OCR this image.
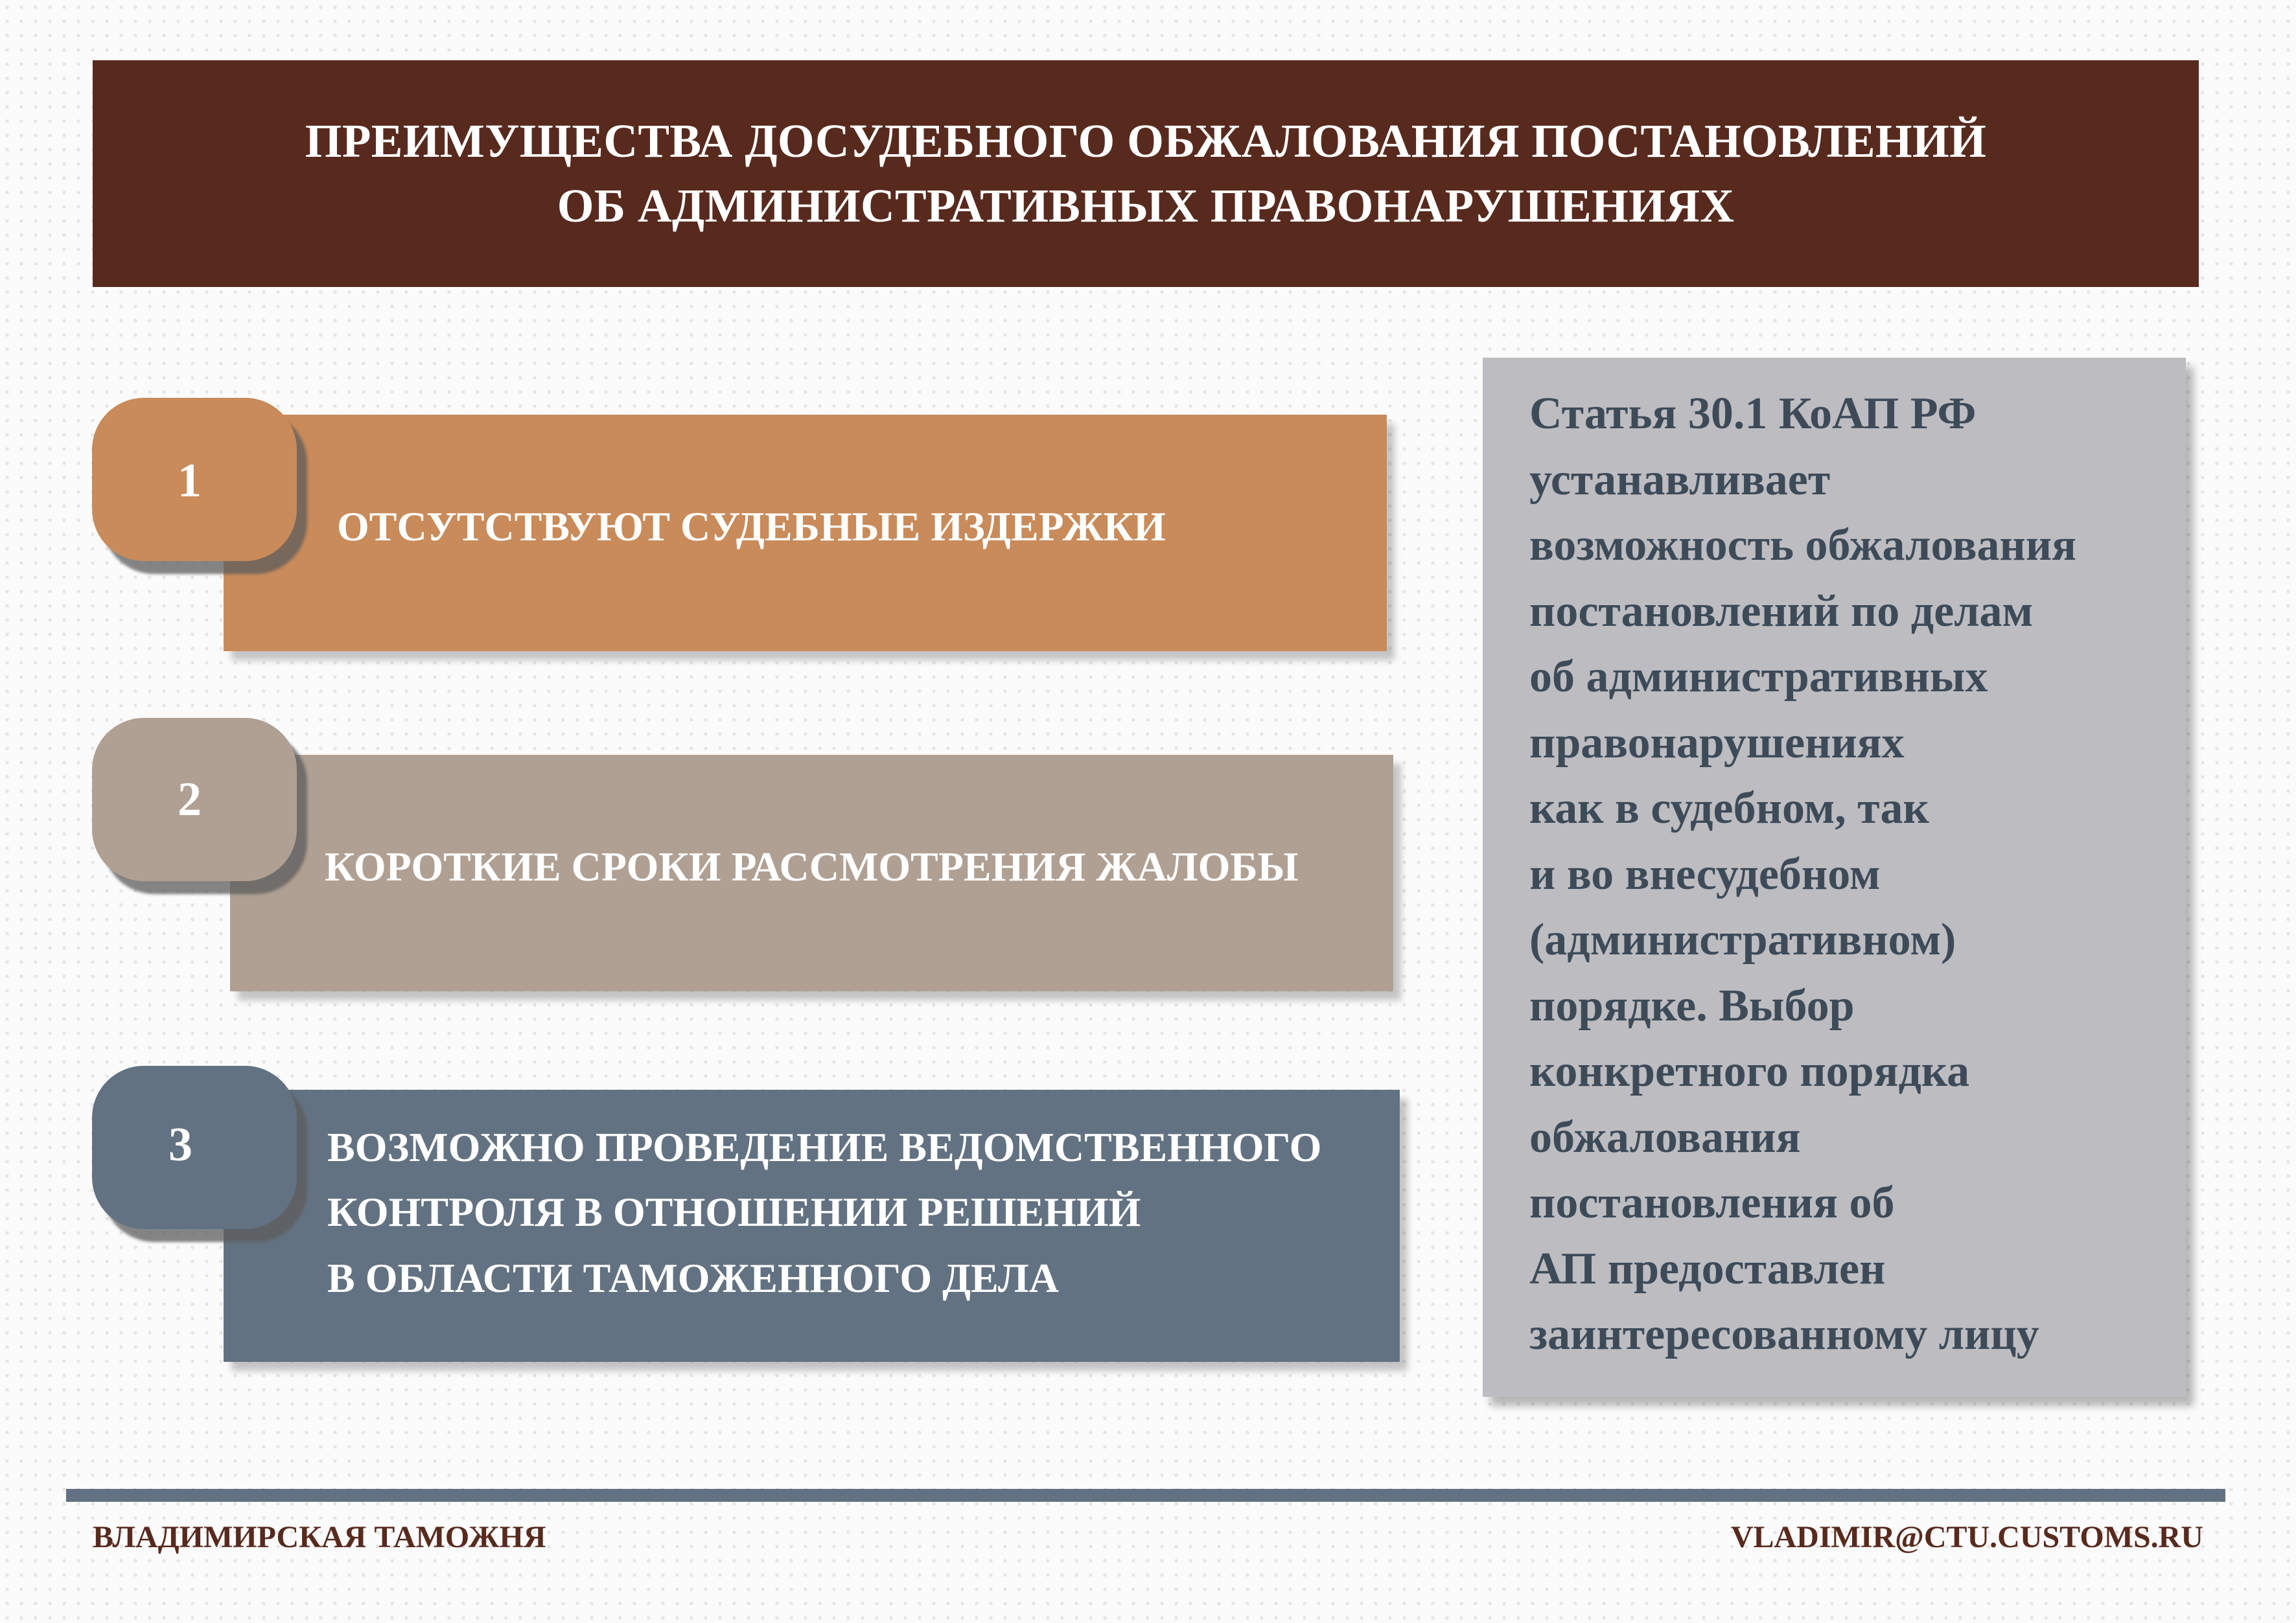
ПРЕИМУЩЕСТВА ДОСУДЕБНОГО ОБЖАЛОВАНИЯ ПОСТАНОВЛЕНИЙ
ОБ АДМИНИСТРАТИВНЫХ ПРАВОНАРУШЕНИЯХ
ОТСУТСТВУЮТ СУДЕБНЫЕ ИЗДЕРЖКИ
1
КОРОТКИЕ СРОКИ РАССМОТРЕНИЯ ЖАЛОБЫ
2
ВОЗМОЖНО ПРОВЕДЕНИЕ ВЕДОМСТВЕННОГО
КОНТРОЛЯ В ОТНОШЕНИИ РЕШЕНИЙ
В ОБЛАСТИ ТАМОЖЕННОГО ДЕЛА
3
Статья 30.1 КоАП РФ
устанавливает
возможность обжалования
постановлений по делам
об административных
правонарушениях
как в судебном, так
и во внесудебном
(административном)
порядке. Выбор
конкретного порядка
обжалования
постановления об
АП предоставлен
заинтересованному лицу
ВЛАДИМИРСКАЯ ТАМОЖНЯ	VLADIMIR@CTU.CUSTOMS.RU
